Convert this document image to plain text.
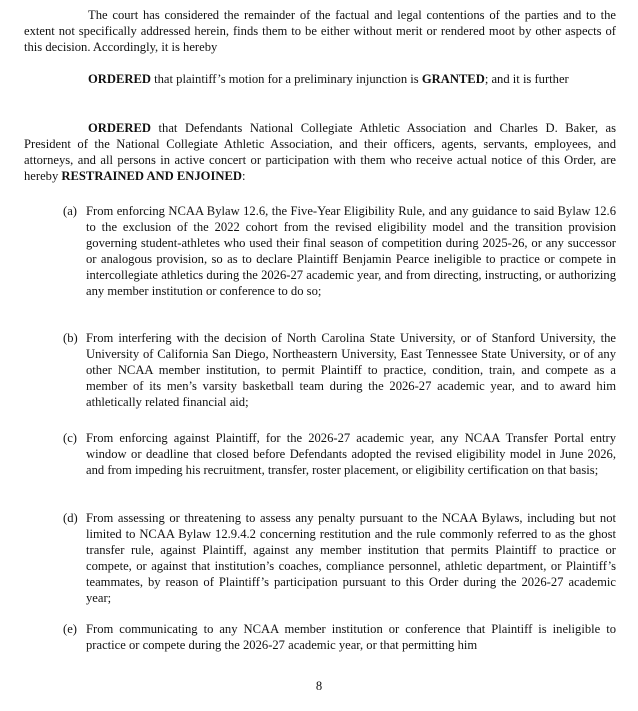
The court has considered the remainder of the factual and legal contentions of the parties and to the extent not specifically addressed herein, finds them to be either without merit or rendered moot by other aspects of this decision. Accordingly, it is hereby

ORDERED that plaintiff’s motion for a preliminary injunction is GRANTED; and it is further

ORDERED that Defendants National Collegiate Athletic Association and Charles D. Baker, as President of the National Collegiate Athletic Association, and their officers, agents, servants, employees, and attorneys, and all persons in active concert or participation with them who receive actual notice of this Order, are hereby RESTRAINED AND ENJOINED:

(a) From enforcing NCAA Bylaw 12.6, the Five-Year Eligibility Rule, and any guidance to said Bylaw 12.6 to the exclusion of the 2022 cohort from the revised eligibility model and the transition provision governing student-athletes who used their final season of competition during 2025-26, or any successor or analogous provision, so as to declare Plaintiff Benjamin Pearce ineligible to practice or compete in intercollegiate athletics during the 2026-27 academic year, and from directing, instructing, or authorizing any member institution or conference to do so;
(b) From interfering with the decision of North Carolina State University, or of Stanford University, the University of California San Diego, Northeastern University, East Tennessee State University, or of any other NCAA member institution, to permit Plaintiff to practice, condition, train, and compete as a member of its men’s varsity basketball team during the 2026-27 academic year, and to award him athletically related financial aid;
(c) From enforcing against Plaintiff, for the 2026-27 academic year, any NCAA Transfer Portal entry window or deadline that closed before Defendants adopted the revised eligibility model in June 2026, and from impeding his recruitment, transfer, roster placement, or eligibility certification on that basis;
(d) From assessing or threatening to assess any penalty pursuant to the NCAA Bylaws, including but not limited to NCAA Bylaw 12.9.4.2 concerning restitution and the rule commonly referred to as the ghost transfer rule, against Plaintiff, against any member institution that permits Plaintiff to practice or compete, or against that institution’s coaches, compliance personnel, athletic department, or Plaintiff’s teammates, by reason of Plaintiff’s participation pursuant to this Order during the 2026-27 academic year;
(e) From communicating to any NCAA member institution or conference that Plaintiff is ineligible to practice or compete during the 2026-27 academic year, or that permitting him
8
